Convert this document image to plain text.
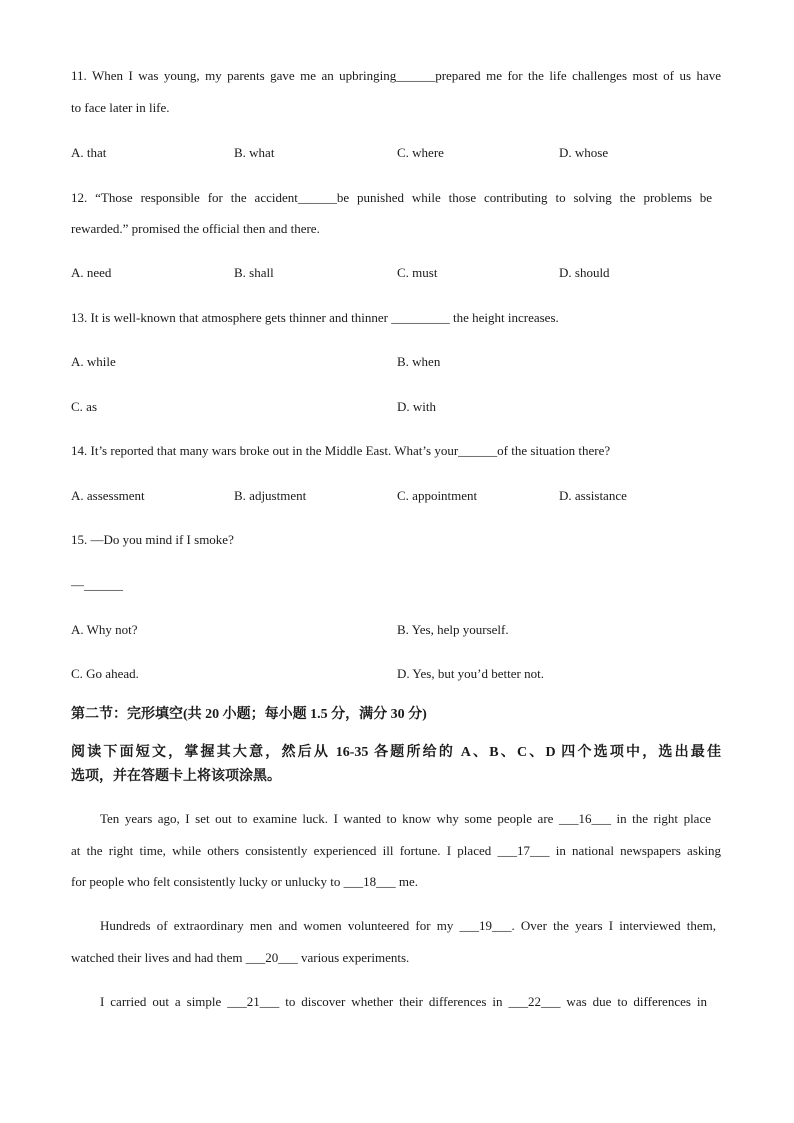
11. When I was young, my parents gave me an upbringing______prepared me for the life challenges most of us have
to face later in life.
A. that	B. what	C. where	D. whose
12. “Those responsible for the accident______be punished while those contributing to solving the problems be
rewarded.” promised the official then and there.
A. need	B. shall	C. must	D. should
13. It is well-known that atmosphere gets thinner and thinner _________ the height increases.
A. while	B. when
C. as	D. with
14. It’s reported that many wars broke out in the Middle East. What’s your______of the situation there?
A. assessment	B. adjustment	C. appointment	D. assistance
15. —Do you mind if I smoke?
—______
A. Why not?	B. Yes, help yourself.
C. Go ahead.	D. Yes, but you’d better not.
第二节：完形填空(共 20 小题；每小题 1.5 分，满分 30 分)
阅读下面短文，掌握其大意，然后从 16-35 各题所给的 A、B、C、D 四个选项中，选出最佳
选项，并在答题卡上将该项涂黑。
Ten years ago, I set out to examine luck. I wanted to know why some people are ___16___ in the right place
at the right time, while others consistently experienced ill fortune. I placed ___17___ in national newspapers asking
for people who felt consistently lucky or unlucky to ___18___ me.
Hundreds of extraordinary men and women volunteered for my ___19___. Over the years I interviewed them,
watched their lives and had them ___20___ various experiments.
I carried out a simple ___21___ to discover whether their differences in ___22___ was due to differences in
